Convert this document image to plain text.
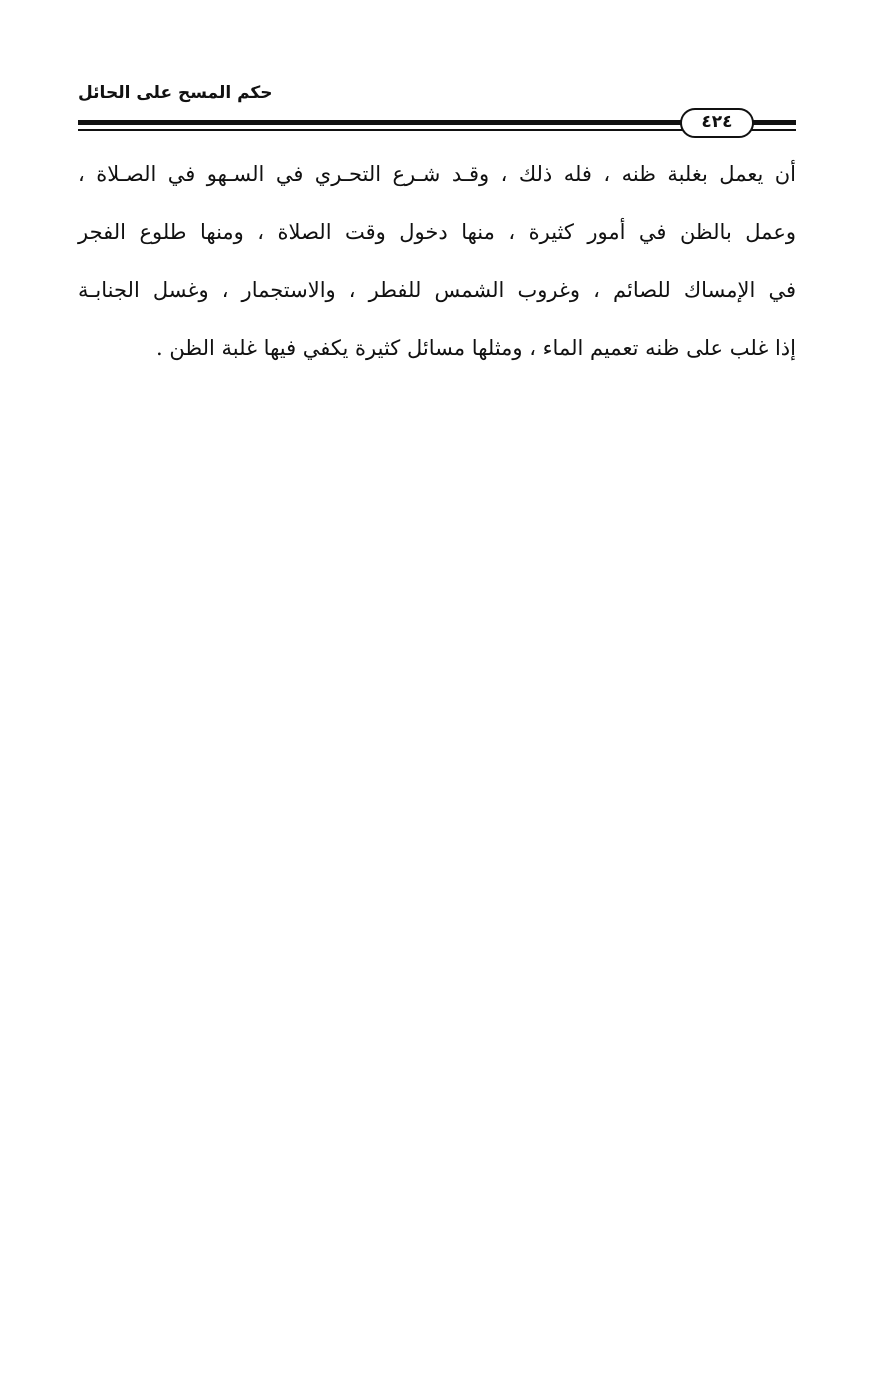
حكم المسح على الحائل
٤٢٤
أن يعمل بغلبة ظنه ، فله ذلك ، وقـد شـرع التحـري في السـهو في الصـلاة ،
وعمل بالظن في أمور كثيرة ، منها دخول وقت الصلاة ، ومنها طلوع الفجر
في الإمساك للصائم ، وغروب الشمس للفطر ، والاستجمار ، وغسل الجنابـة
إذا غلب على ظنه تعميم الماء ، ومثلها مسائل كثيرة يكفي فيها غلبة الظن .
